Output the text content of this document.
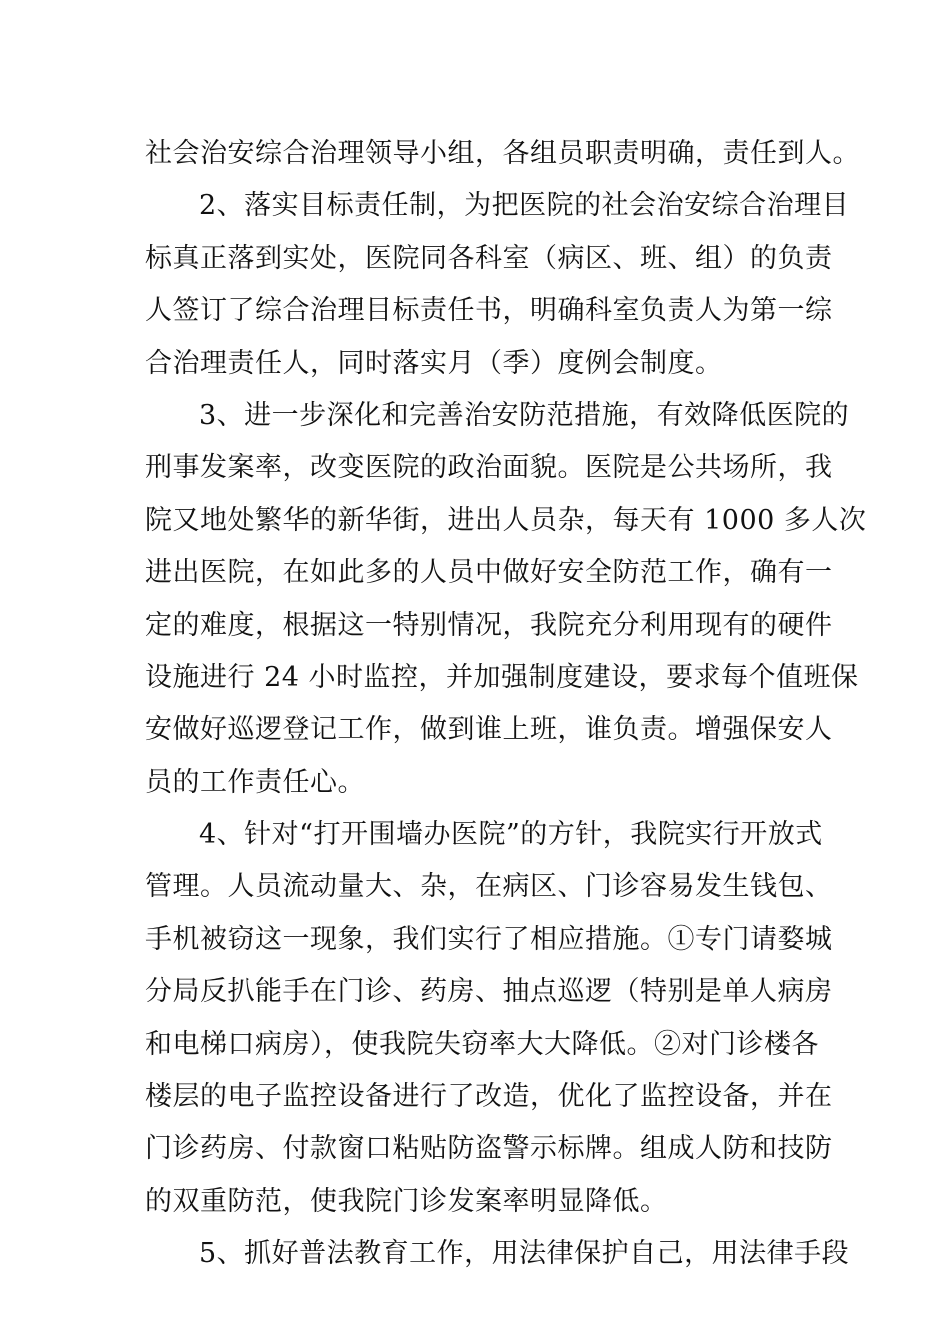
社会治安综合治理领导小组，各组员职责明确，责任到人。
2、落实目标责任制，为把医院的社会治安综合治理目
标真正落到实处，医院同各科室（病区、班、组）的负责
人签订了综合治理目标责任书，明确科室负责人为第一综
合治理责任人，同时落实月（季）度例会制度。
3、进一步深化和完善治安防范措施，有效降低医院的
刑事发案率，改变医院的政治面貌。医院是公共场所，我
院又地处繁华的新华街，进出人员杂，每天有 1000 多人次
进出医院，在如此多的人员中做好安全防范工作，确有一
定的难度，根据这一特别情况，我院充分利用现有的硬件
设施进行 24 小时监控，并加强制度建设，要求每个值班保
安做好巡逻登记工作，做到谁上班，谁负责。增强保安人
员的工作责任心。
4、针对“打开围墙办医院”的方针，我院实行开放式
管理。人员流动量大、杂，在病区、门诊容易发生钱包、
手机被窃这一现象，我们实行了相应措施。①专门请婺城
分局反扒能手在门诊、药房、抽点巡逻（特别是单人病房
和电梯口病房），使我院失窃率大大降低。②对门诊楼各
楼层的电子监控设备进行了改造，优化了监控设备，并在
门诊药房、付款窗口粘贴防盗警示标牌。组成人防和技防
的双重防范，使我院门诊发案率明显降低。
5、抓好普法教育工作，用法律保护自己，用法律手段
